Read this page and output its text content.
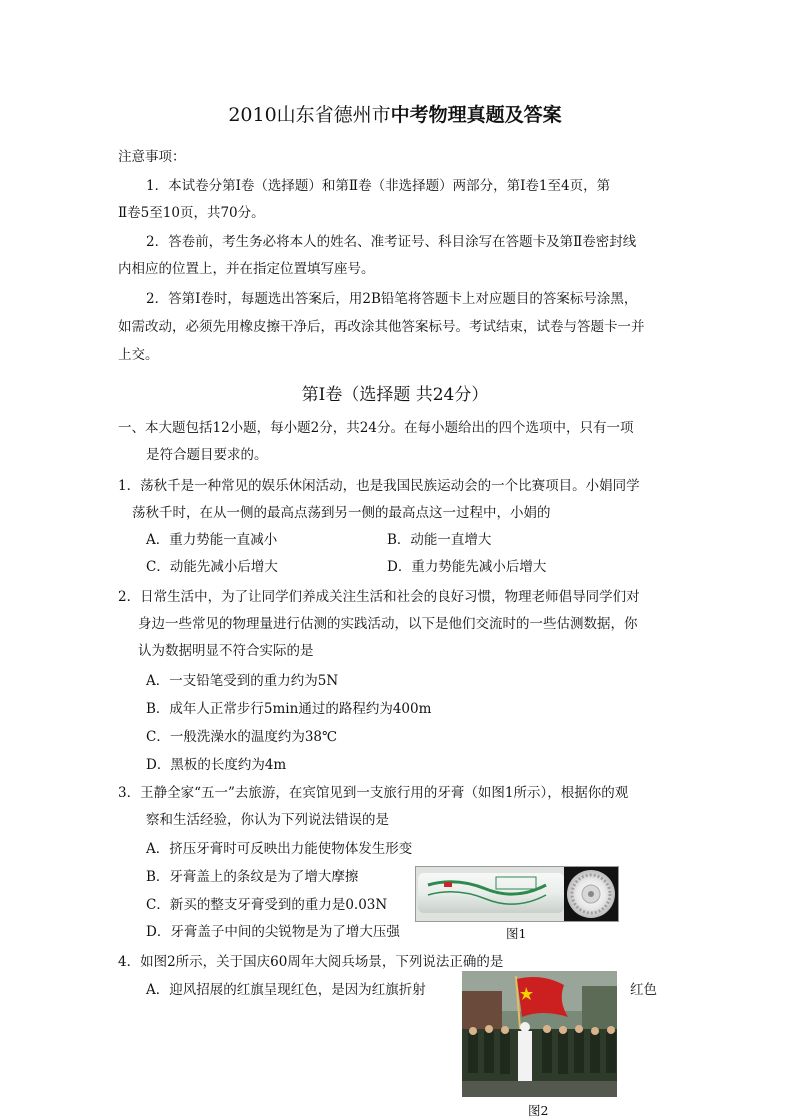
2010山东省德州市中考物理真题及答案
注意事项：
1．本试卷分第Ⅰ卷（选择题）和第Ⅱ卷（非选择题）两部分，第Ⅰ卷1至4页，第
Ⅱ卷5至10页，共70分。
2．答卷前，考生务必将本人的姓名、准考证号、科目涂写在答题卡及第Ⅱ卷密封线
内相应的位置上，并在指定位置填写座号。
2．答第Ⅰ卷时，每题选出答案后，用2B铅笔将答题卡上对应题目的答案标号涂黑，
如需改动，必须先用橡皮擦干净后，再改涂其他答案标号。考试结束，试卷与答题卡一并
上交。
第Ⅰ卷（选择题 共24分）
一、本大题包括12小题，每小题2分，共24分。在每小题给出的四个选项中，只有一项
是符合题目要求的。
1．荡秋千是一种常见的娱乐休闲活动，也是我国民族运动会的一个比赛项目。小娟同学
荡秋千时，在从一侧的最高点荡到另一侧的最高点这一过程中，小娟的
A．重力势能一直减小	B．动能一直增大
C．动能先减小后增大	D．重力势能先减小后增大
2．日常生活中，为了让同学们养成关注生活和社会的良好习惯，物理老师倡导同学们对
身边一些常见的物理量进行估测的实践活动，以下是他们交流时的一些估测数据，你
认为数据明显不符合实际的是
A．一支铅笔受到的重力约为5N
B．成年人正常步行5min通过的路程约为400m
C．一般洗澡水的温度约为38℃
D．黑板的长度约为4m
3．王静全家“五一”去旅游，在宾馆见到一支旅行用的牙膏（如图1所示），根据你的观
察和生活经验，你认为下列说法错误的是
A．挤压牙膏时可反映出力能使物体发生形变
B．牙膏盖上的条纹是为了增大摩擦
C．新买的整支牙膏受到的重力是0.03N
D．牙膏盖子中间的尖锐物是为了增大压强	图1
4．如图2所示，关于国庆60周年大阅兵场景，下列说法正确的是
A．迎风招展的红旗呈现红色，是因为红旗折射	红色
图2
